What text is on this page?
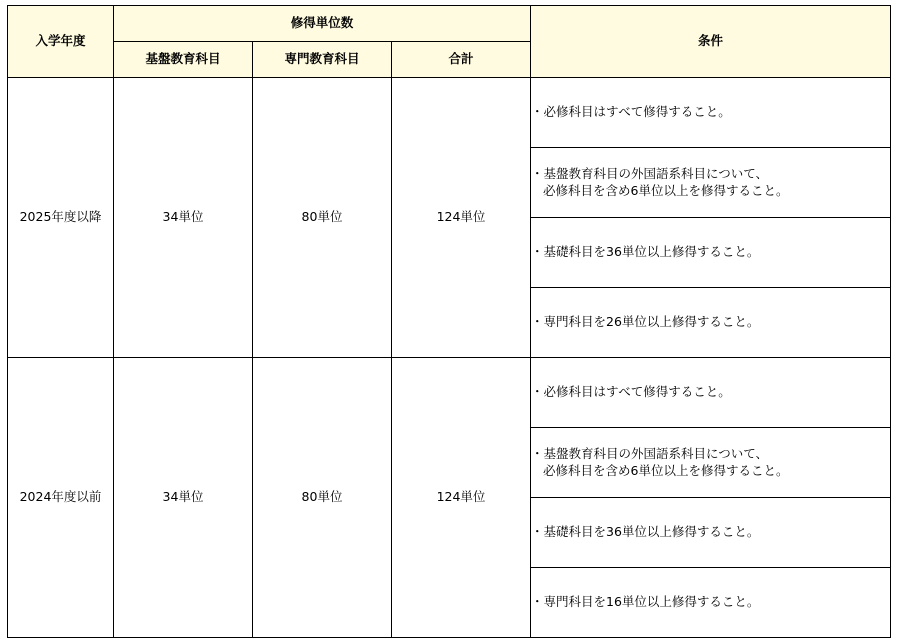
入学年度	修得単位数			条件
	基盤教育科目	専門教育科目	合計	
2025年度以降	34単位	80単位	124単位	・必修科目はすべて修得すること。

				・基盤教育科目の外国語系科目について、
必修科目を含め6単位以上を修得すること。

				・基礎科目を36単位以上修得すること。

				・専門科目を26単位以上修得すること。

2024年度以前	34単位	80単位	124単位	・必修科目はすべて修得すること。

				・基盤教育科目の外国語系科目について、
必修科目を含め6単位以上を修得すること。

				・基礎科目を36単位以上修得すること。

				・専門科目を16単位以上修得すること。
